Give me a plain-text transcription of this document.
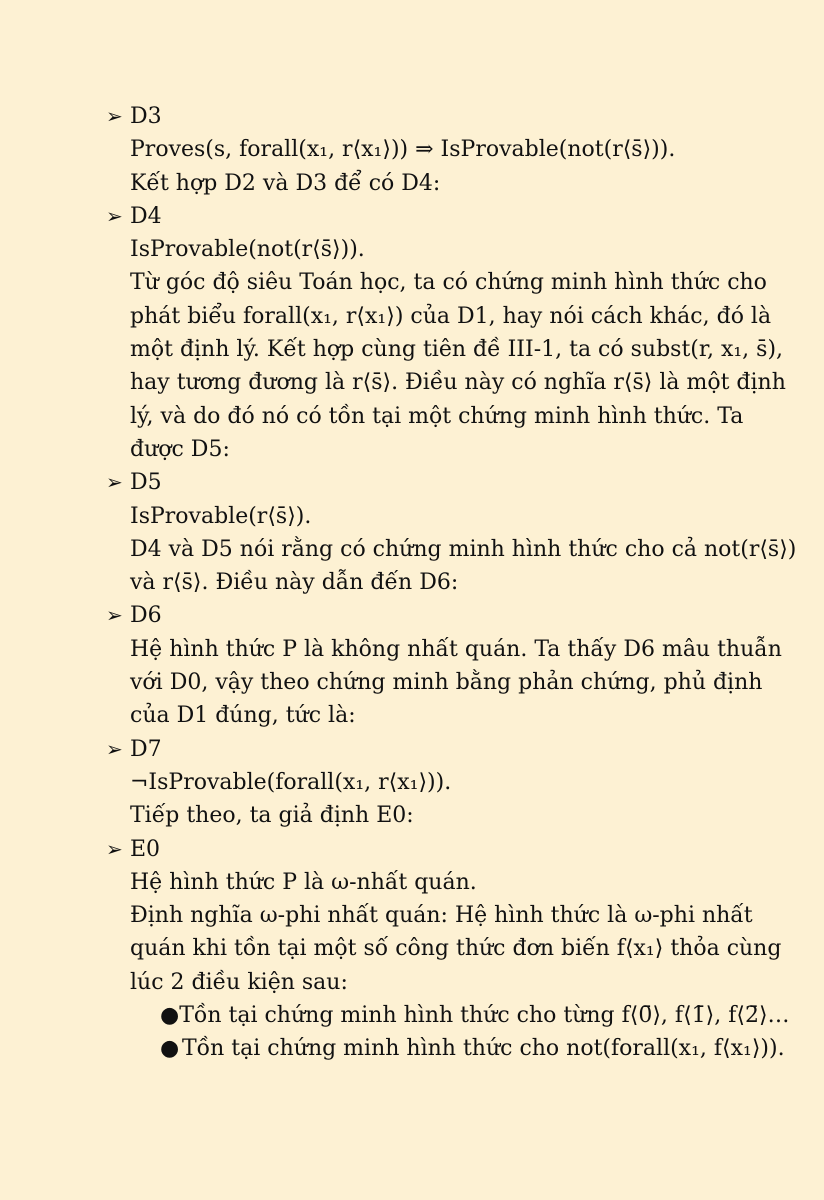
➢ D3
Proves(s, forall(x₁, r⟨x₁⟩)) ⇒ IsProvable(not(r⟨s̄⟩)).
Kết hợp D2 và D3 để có D4:
➢ D4
IsProvable(not(r⟨s̄⟩)).
Từ góc độ siêu Toán học, ta có chứng minh hình thức cho
phát biểu forall(x₁, r⟨x₁⟩) của D1, hay nói cách khác, đó là
một định lý. Kết hợp cùng tiên đề III-1, ta có subst(r, x₁, s̄),
hay tương đương là r⟨s̄⟩. Điều này có nghĩa r⟨s̄⟩ là một định
lý, và do đó nó có tồn tại một chứng minh hình thức. Ta
được D5:
➢ D5
IsProvable(r⟨s̄⟩).
D4 và D5 nói rằng có chứng minh hình thức cho cả not(r⟨s̄⟩)
và r⟨s̄⟩. Điều này dẫn đến D6:
➢ D6
Hệ hình thức P là không nhất quán. Ta thấy D6 mâu thuẫn
với D0, vậy theo chứng minh bằng phản chứng, phủ định
của D1 đúng, tức là:
➢ D7
¬IsProvable(forall(x₁, r⟨x₁⟩)).
Tiếp theo, ta giả định E0:
➢ E0
Hệ hình thức P là ω-nhất quán.
Định nghĩa ω-phi nhất quán: Hệ hình thức là ω-phi nhất
quán khi tồn tại một số công thức đơn biến f⟨x₁⟩ thỏa cùng
lúc 2 điều kiện sau:
● Tồn tại chứng minh hình thức cho từng f⟨0̄⟩, f⟨1̄⟩, f⟨2̄⟩…
● Tồn tại chứng minh hình thức cho not(forall(x₁, f⟨x₁⟩)).
